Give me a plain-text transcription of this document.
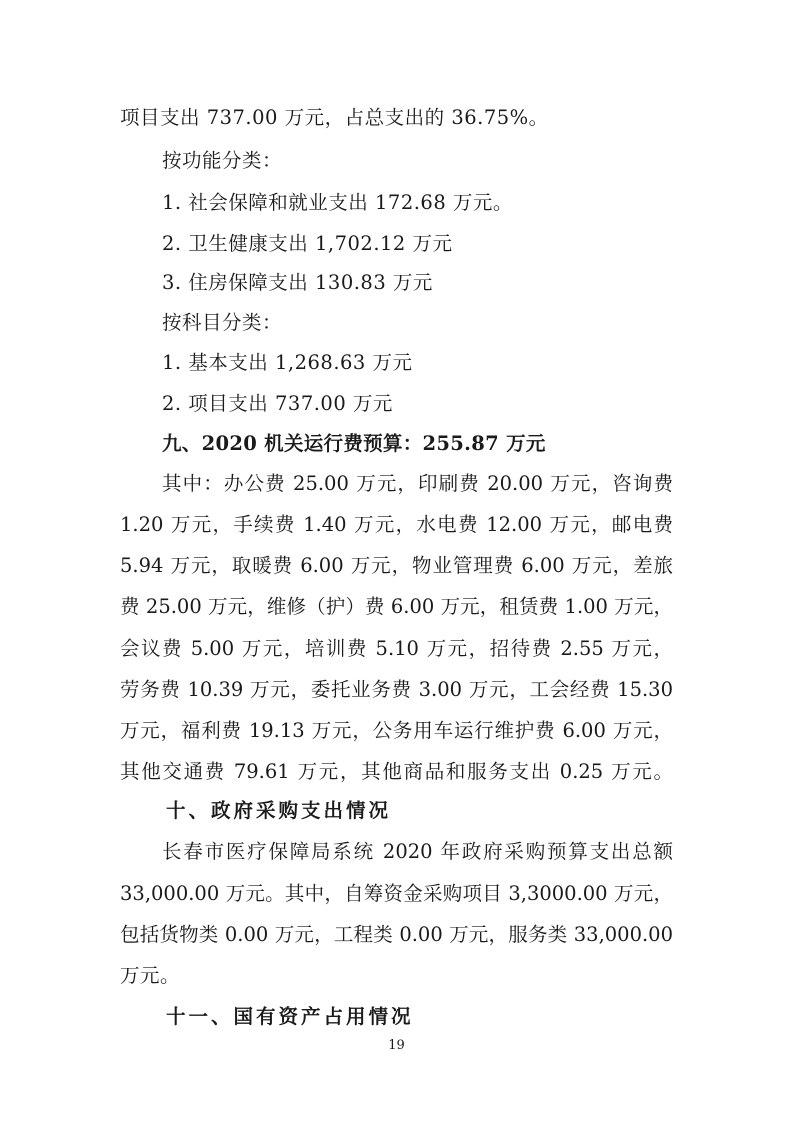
项目支出 737.00 万元，占总支出的 36.75%。
按功能分类：
1. 社会保障和就业支出 172.68 万元。
2. 卫生健康支出 1,702.12 万元
3. 住房保障支出 130.83 万元
按科目分类：
1. 基本支出 1,268.63 万元
2. 项目支出 737.00 万元
九、2020 机关运行费预算：255.87 万元
其中：办公费 25.00 万元，印刷费 20.00 万元，咨询费
1.20 万元，手续费 1.40 万元，水电费 12.00 万元，邮电费
5.94 万元，取暖费 6.00 万元，物业管理费 6.00 万元，差旅
费 25.00 万元，维修（护）费 6.00 万元，租赁费 1.00 万元，
会议费 5.00 万元，培训费 5.10 万元，招待费 2.55 万元，
劳务费 10.39 万元，委托业务费 3.00 万元，工会经费 15.30
万元，福利费 19.13 万元，公务用车运行维护费 6.00 万元，
其他交通费 79.61 万元，其他商品和服务支出 0.25 万元。
十、政府采购支出情况
长春市医疗保障局系统 2020 年政府采购预算支出总额
33,000.00 万元。其中，自筹资金采购项目 3,3000.00 万元，
包括货物类 0.00 万元，工程类 0.00 万元，服务类 33,000.00
万元。
十一、国有资产占用情况
19
